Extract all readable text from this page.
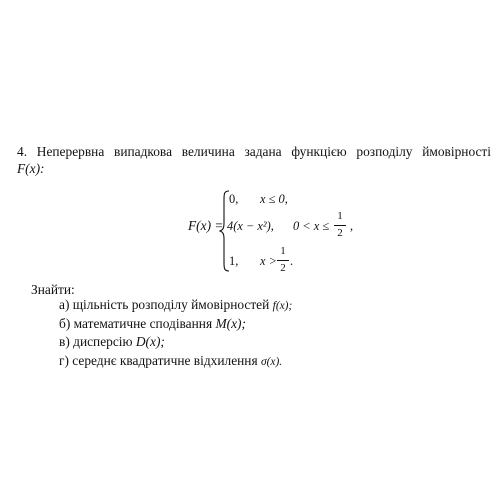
4. Неперервна випадкова величина задана функцією розподілу ймовірності
F(x):
F(x) =
0, x ≤ 0,
4(x − x²), 0 < x ≤
1
2 ,
1, x >
1
2 .
Знайти:
а) щільність розподілу ймовірностей f(x);
б) математичне сподівання M(x);
в) дисперсію D(x);
г) середнє квадратичне відхилення σ(x).
